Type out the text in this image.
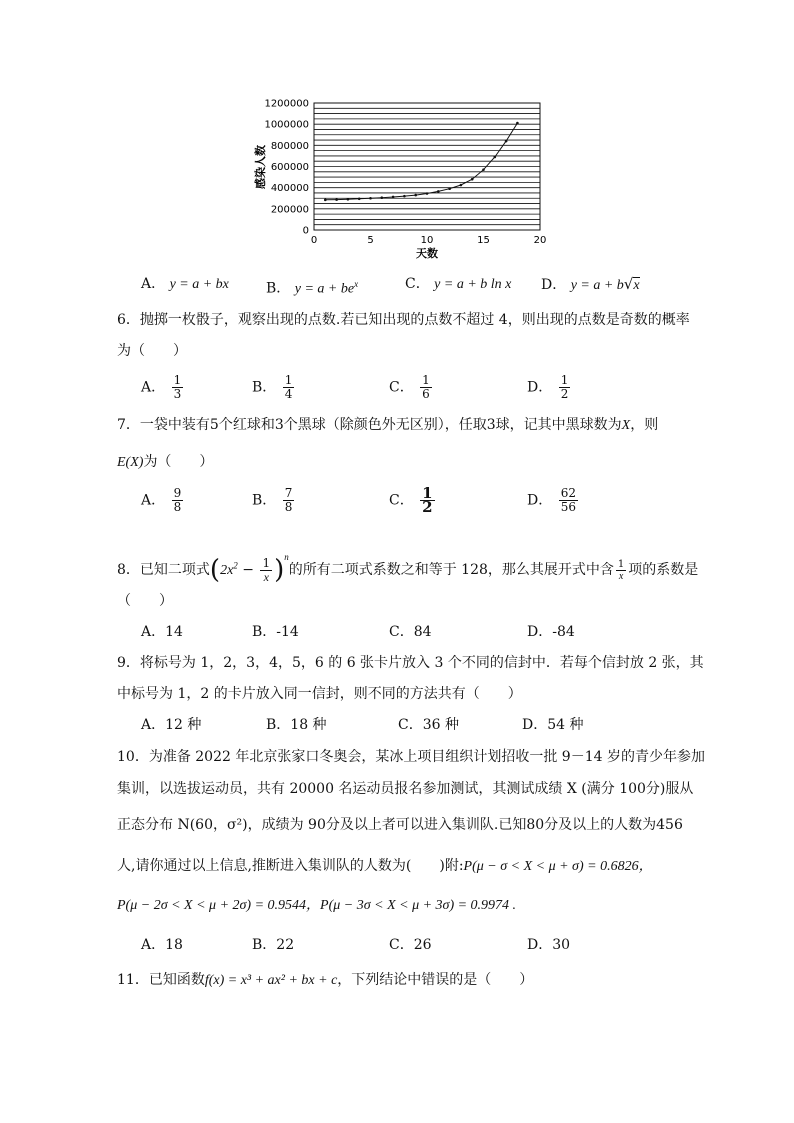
0
200000
400000
600000
800000
1000000
1200000
0	5	10	15	20
感染人数
天数
A． y = a + bx	B． $y = a + be^x$	C． y = a + b ln x D． y = a + b√x
6．抛掷一枚骰子，观察出现的点数.若已知出现的点数不超过 4，则出现的点数是奇数的概率
为（　　）
A． $\frac{1}{3}$	B． $\frac{1}{4}$	C． $\frac{1}{6}$	D． $\frac{1}{2}$
7．一袋中装有5个红球和3个黑球（除颜色外无区别），任取3球，记其中黑球数为X，则
E(X)为（　　）
A． $\frac{9}{8}$	B． $\frac{7}{8}$	C． $\frac{1}{2}$	D． $\frac{62}{56}$
8．已知二项式$(2x^2 - \frac{1}{x} )^n$的所有二项式系数之和等于 128，那么其展开式中含 $\frac{1}{x}$ 项的系数是
（　　）
A．14	B．-14	C．84	D．-84
9．将标号为 1，2，3，4，5，6 的 6 张卡片放入 3 个不同的信封中．若每个信封放 2 张，其
中标号为 1，2 的卡片放入同一信封，则不同的方法共有（　　）
A．12 种	B．18 种	C．36 种	D．54 种
10．为准备 2022 年北京张家口冬奥会，某冰上项目组织计划招收一批 9－14 岁的青少年参加
集训，以选拔运动员，共有 20000 名运动员报名参加测试，其测试成绩 X (满分 100分)服从
正态分布 N(60，σ²)，成绩为 90分及以上者可以进入集训队.已知80分及以上的人数为456
人,请你通过以上信息,推断进入集训队的人数为(　　)附:P(μ − σ < X < μ + σ) = 0.6826，
P(μ − 2σ < X < μ + 2σ) = 0.9544，P(μ − 3σ < X < μ + 3σ) = 0.9974 .
A．18	B．22	C．26	D．30
11．已知函数f(x) = x³ + ax² + bx + c，下列结论中错误的是（　　）
